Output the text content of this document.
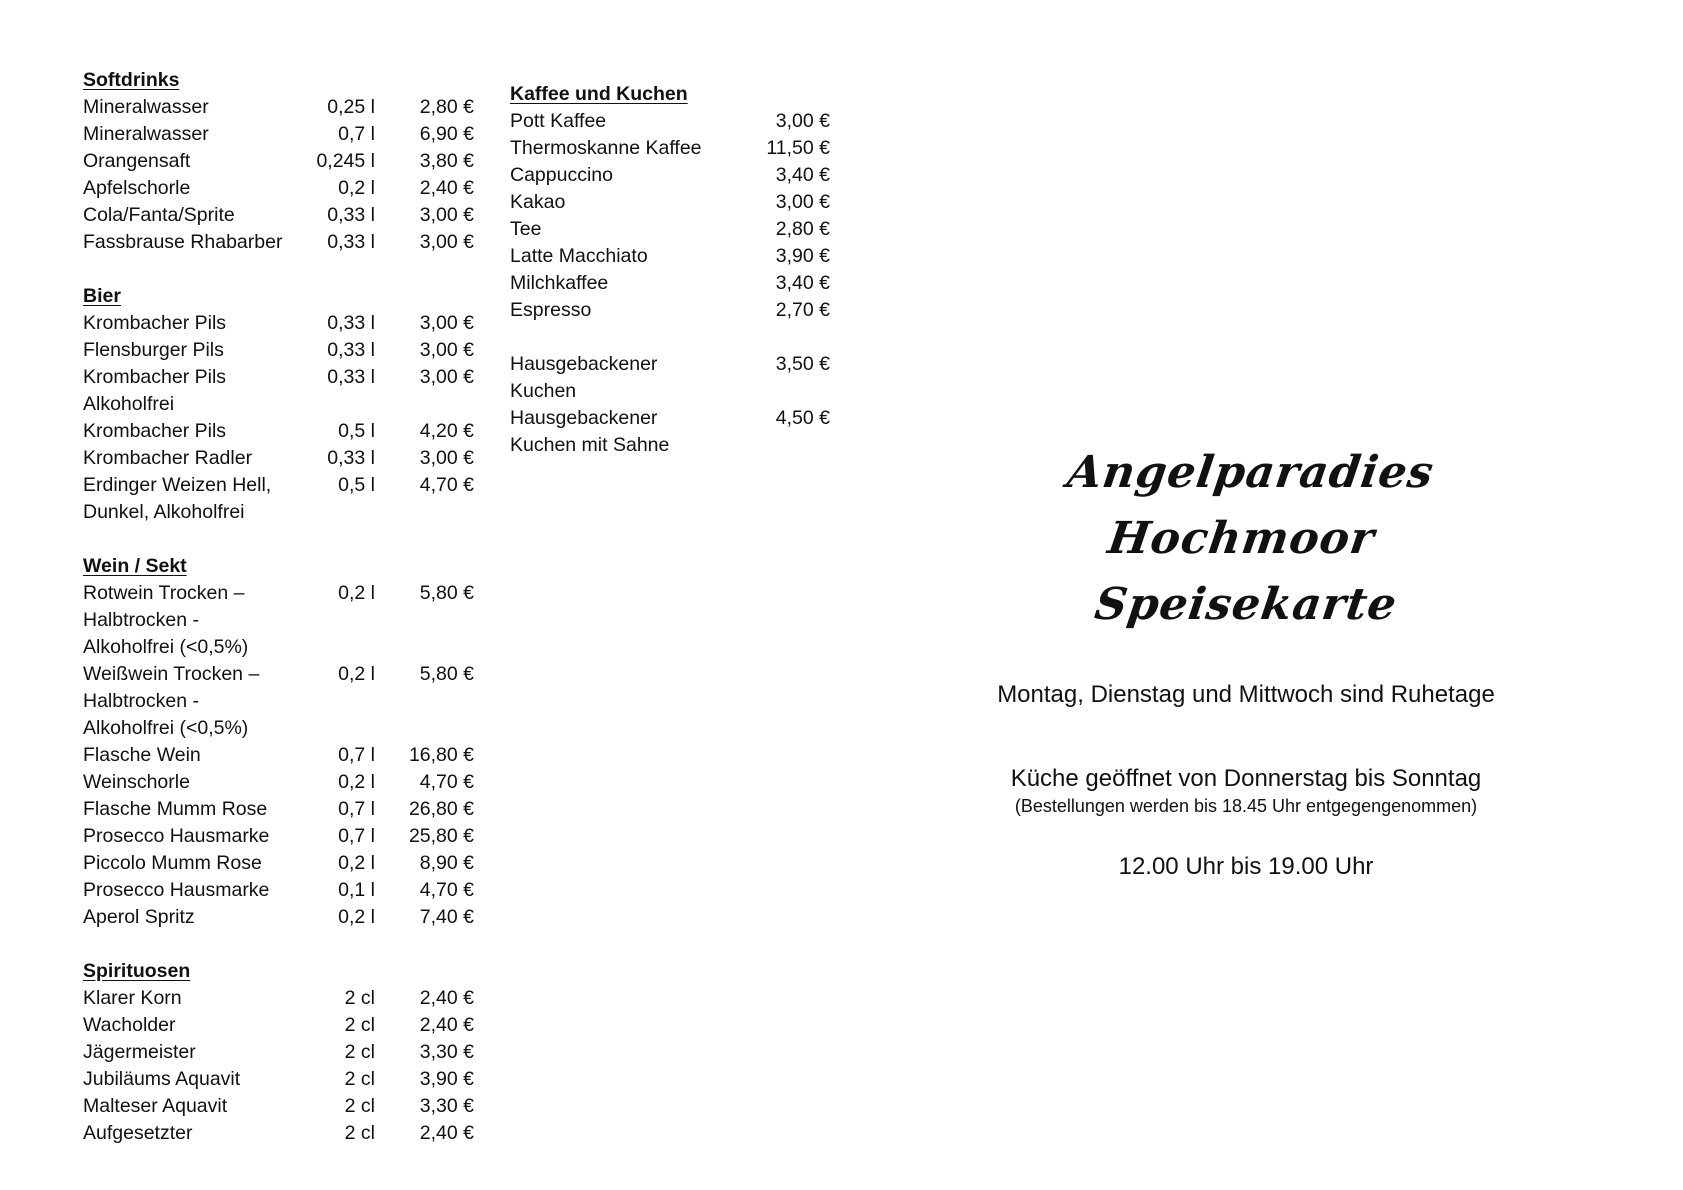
Softdrinks
Mineralwasser	0,25 l 2,80 €
Mineralwasser	0,7 l 6,90 €
Orangensaft	0,245 l 3,80 €
Apfelschorle	0,2 l 2,40 €
Cola/Fanta/Sprite	0,33 l 3,00 €
Fassbrause Rhabarber 0,33 l 3,00 €
Bier
Krombacher Pils	0,33 l 3,00 €
Flensburger Pils	0,33 l 3,00 €
Krombacher Pils
Alkoholfrei
0,33 l 3,00 €
Krombacher Pils	0,5 l 4,20 €
Krombacher Radler	0,33 l 3,00 €
Erdinger Weizen Hell,
Dunkel, Alkoholfrei
0,5 l 4,70 €
Wein / Sekt
Rotwein Trocken –
Halbtrocken -
Alkoholfrei (<0,5%)
0,2 l 5,80 €
Weißwein Trocken –
Halbtrocken -
Alkoholfrei (<0,5%)
0,2 l 5,80 €
Flasche Wein	0,7 l 16,80 €
Weinschorle	0,2 l 4,70 €
Flasche Mumm Rose	0,7 l 26,80 €
Prosecco Hausmarke	0,7 l 25,80 €
Piccolo Mumm Rose	0,2 l 8,90 €
Prosecco Hausmarke	0,1 l 4,70 €
Aperol Spritz	0,2 l 7,40 €
Spirituosen
Klarer Korn	2 cl 2,40 €
Wacholder	2 cl 2,40 €
Jägermeister	2 cl 3,30 €
Jubiläums Aquavit	2 cl 3,90 €
Malteser Aquavit	2 cl 3,30 €
Aufgesetzter	2 cl 2,40 €
Kaffee und Kuchen
Pott Kaffee	3,00 €
Thermoskanne Kaffee	11,50 €
Cappuccino	3,40 €
Kakao	3,00 €
Tee	2,80 €
Latte Macchiato	3,90 €
Milchkaffee	3,40 €
Espresso	2,70 €
Hausgebackener
Kuchen
3,50 €
Hausgebackener
Kuchen mit Sahne
4,50 €
Angelparadies Hochmoor
Speisekarte
Montag, Dienstag und Mittwoch sind Ruhetage
Küche geöffnet von Donnerstag bis Sonntag
(Bestellungen werden bis 18.45 Uhr entgegengenommen)
12.00 Uhr bis 19.00 Uhr
